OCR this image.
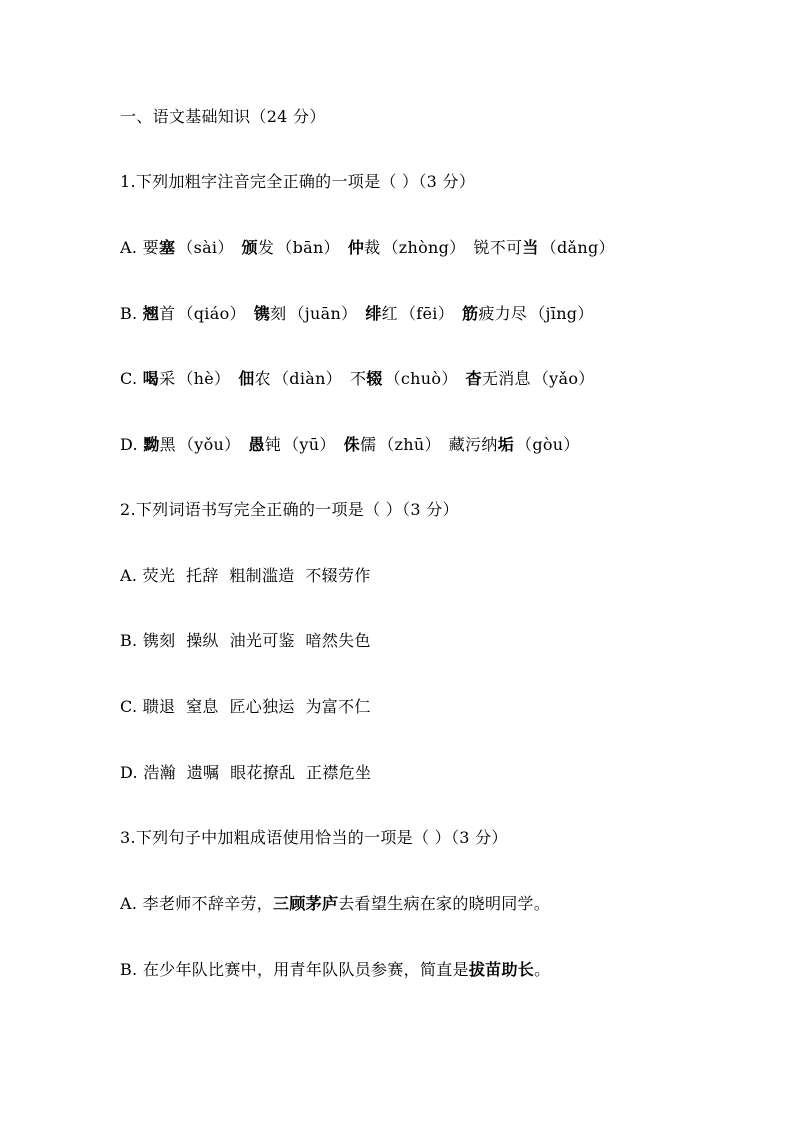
一、语文基础知识（24 分）
1.下列加粗字注音完全正确的一项是（ ）（3 分）
A. 要塞 （sài） 颁发 （bān） 仲裁 （zhòng） 锐不可当 （dǎng）
B. 翘首 （qiáo） 镌刻 （juān） 绯红 （fēi） 筋疲力尽 （jīng）
C. 喝采 （hè） 佃农 （diàn） 不辍 （chuò） 杳无消息 （yǎo）
D. 黝黑 （yǒu） 愚钝 （yū） 侏儒 （zhū） 藏污纳垢 （gòu）
2.下列词语书写完全正确的一项是（ ）（3 分）
A. 荧光  托辞  粗制滥造  不辍劳作
B. 镌刻  操纵  油光可鉴  喑然失色
C. 聩退  窒息  匠心独运  为富不仁
D. 浩瀚  遗嘱  眼花撩乱  正襟危坐
3.下列句子中加粗成语使用恰当的一项是（ ）（3 分）
A. 李老师不辞辛劳，三顾茅庐去看望生病在家的晓明同学。
B. 在少年队比赛中，用青年队队员参赛，简直是拔苗助长。
